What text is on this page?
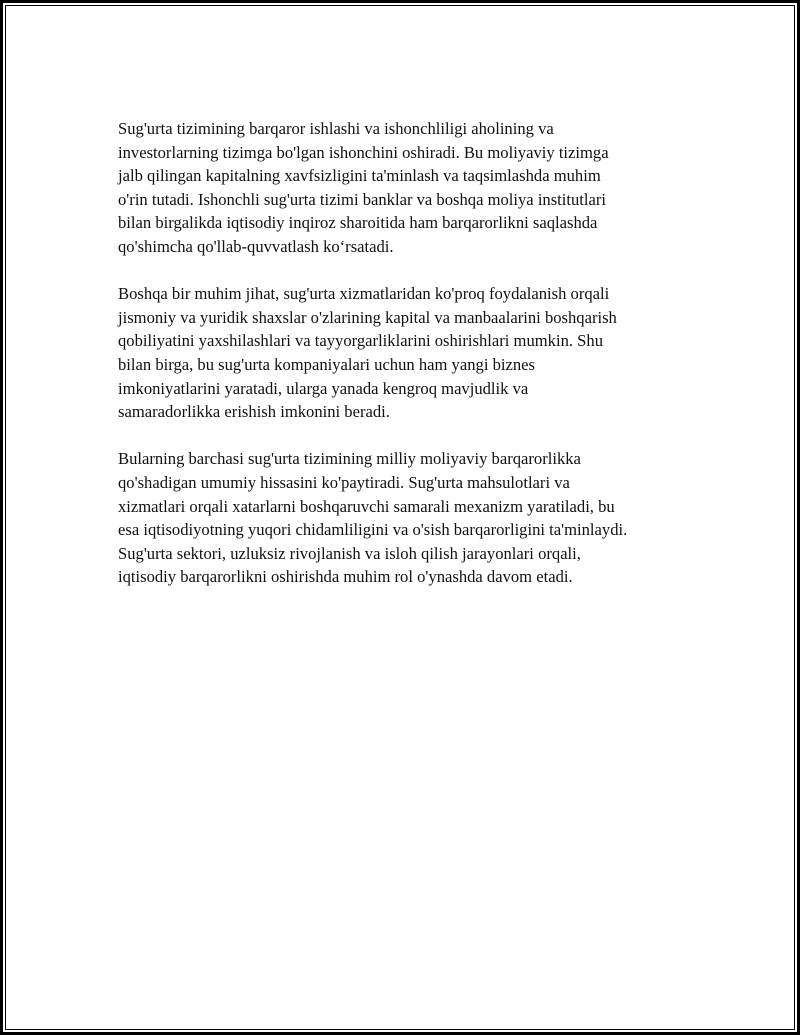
Sug'urta tizimining barqaror ishlashi va ishonchliligi aholining va
investorlarning tizimga bo'lgan ishonchini oshiradi. Bu moliyaviy tizimga
jalb qilingan kapitalning xavfsizligini ta'minlash va taqsimlashda muhim
o'rin tutadi. Ishonchli sug'urta tizimi banklar va boshqa moliya institutlari
bilan birgalikda iqtisodiy inqiroz sharoitida ham barqarorlikni saqlashda
qo'shimcha qo'llab-quvvatlash ko‘rsatadi.

Boshqa bir muhim jihat, sug'urta xizmatlaridan ko'proq foydalanish orqali
jismoniy va yuridik shaxslar o'zlarining kapital va manbaalarini boshqarish
qobiliyatini yaxshilashlari va tayyorgarliklarini oshirishlari mumkin. Shu
bilan birga, bu sug'urta kompaniyalari uchun ham yangi biznes
imkoniyatlarini yaratadi, ularga yanada kengroq mavjudlik va
samaradorlikka erishish imkonini beradi.

Bularning barchasi sug'urta tizimining milliy moliyaviy barqarorlikka
qo'shadigan umumiy hissasini ko'paytiradi. Sug'urta mahsulotlari va
xizmatlari orqali xatarlarni boshqaruvchi samarali mexanizm yaratiladi, bu
esa iqtisodiyotning yuqori chidamliligini va o'sish barqarorligini ta'minlaydi.
Sug'urta sektori, uzluksiz rivojlanish va isloh qilish jarayonlari orqali,
iqtisodiy barqarorlikni oshirishda muhim rol o'ynashda davom etadi.
